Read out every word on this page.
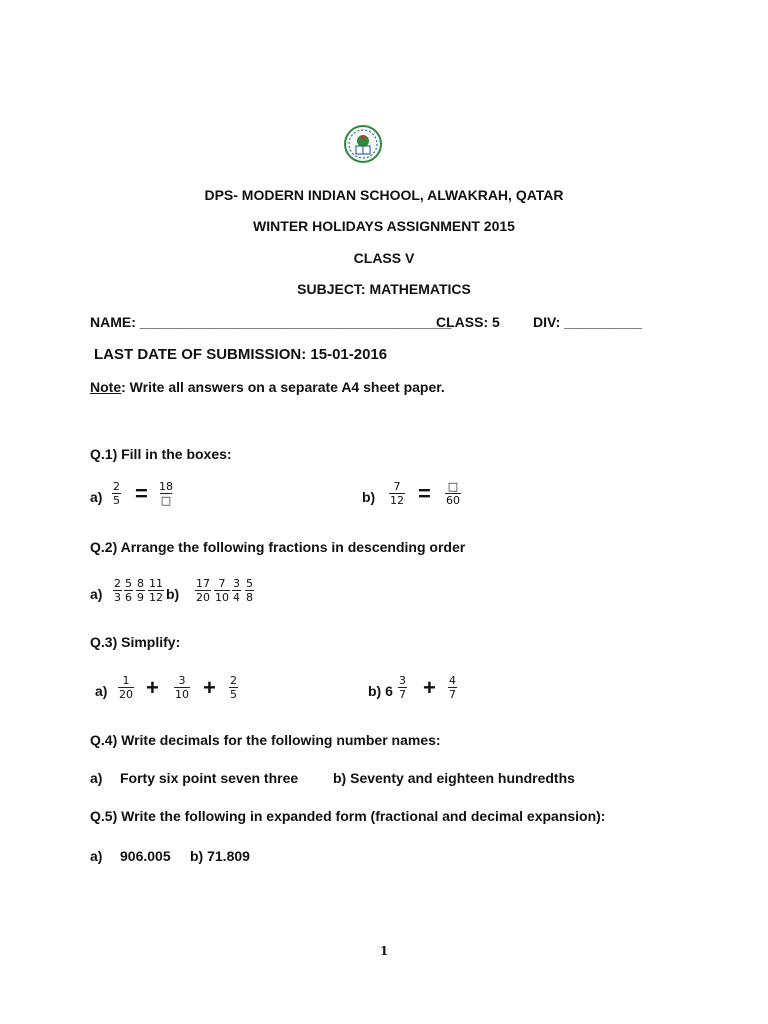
DPS- MODERN INDIAN SCHOOL, ALWAKRAH, QATAR
WINTER HOLIDAYS ASSIGNMENT 2015
CLASS V
SUBJECT: MATHEMATICS
NAME: ________________________________________
CLASS: 5 DIV: __________
LAST DATE OF SUBMISSION: 15-01-2016
Note: Write all answers on a separate A4 sheet paper.
Q.1) Fill in the boxes:
$a) \frac{2}{5} = 18$
□	$b) \frac{7}{12}$ = □
60
Q.2) Arrange the following fractions in descending order
$a) \frac{2}{3} \frac{5}{6} \frac{8}{9} \frac{11}{12} b) \frac{17}{20} \frac{7}{10} \frac{3}{4} \frac{5}{8}$
Q.3) Simplify:
$a) \frac{1}{20} + \frac{3}{10} + \frac{2}{5}$	b) $6 \frac{3}{7} + \frac{4}{7}$
Q.4) Write decimals for the following number names:
a) Forty six point seven three b) Seventy and eighteen hundredths
Q.5) Write the following in expanded form (fractional and decimal expansion):
a) 906.005 b) 71.809
1
